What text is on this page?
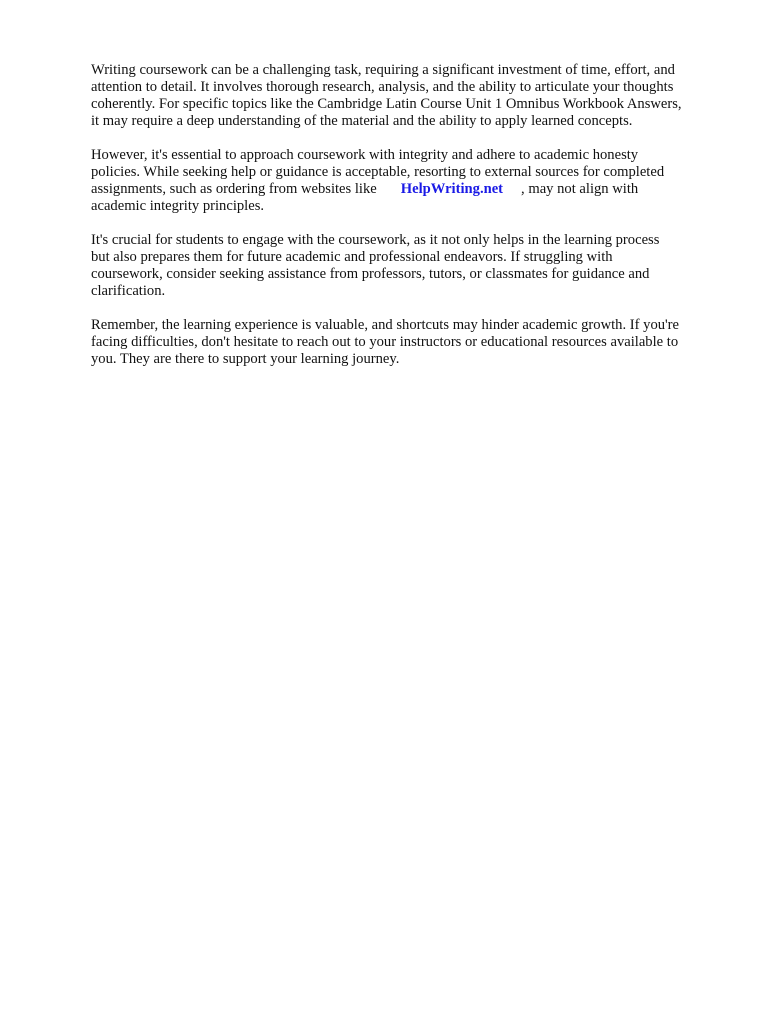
Writing coursework can be a challenging task, requiring a significant investment of time, effort, and
attention to detail. It involves thorough research, analysis, and the ability to articulate your thoughts
coherently. For specific topics like the Cambridge Latin Course Unit 1 Omnibus Workbook Answers,
it may require a deep understanding of the material and the ability to apply learned concepts.

However, it's essential to approach coursework with integrity and adhere to academic honesty
policies. While seeking help or guidance is acceptable, resorting to external sources for completed
assignments, such as ordering from websites like HelpWriting.net , may not align with
academic integrity principles.

It's crucial for students to engage with the coursework, as it not only helps in the learning process
but also prepares them for future academic and professional endeavors. If struggling with
coursework, consider seeking assistance from professors, tutors, or classmates for guidance and
clarification.

Remember, the learning experience is valuable, and shortcuts may hinder academic growth. If you're
facing difficulties, don't hesitate to reach out to your instructors or educational resources available to
you. They are there to support your learning journey.
